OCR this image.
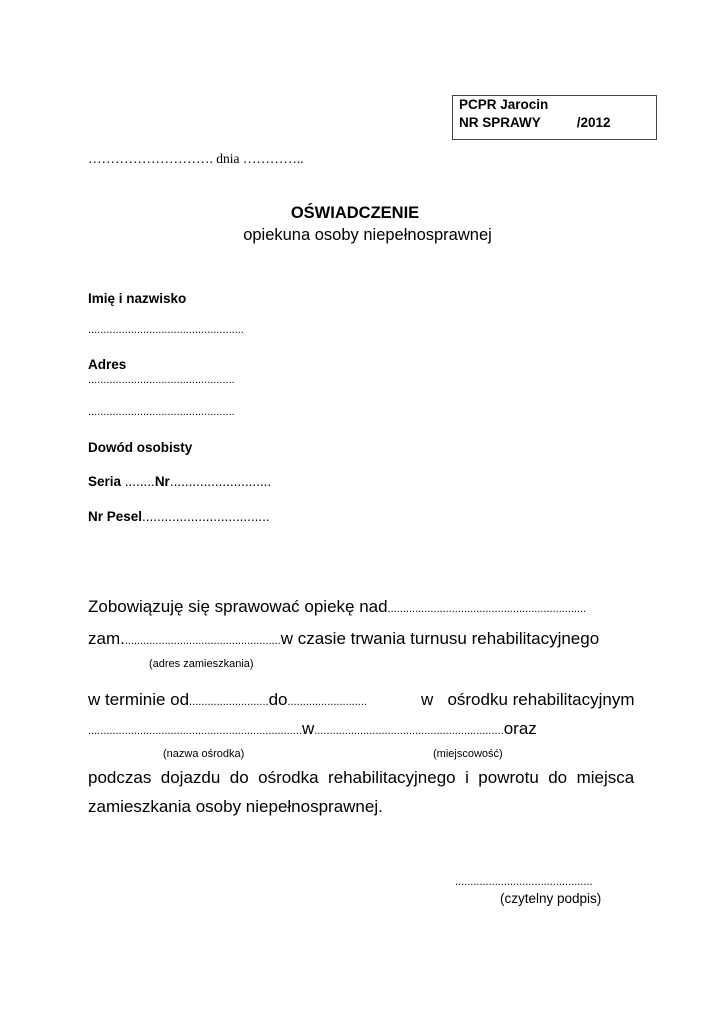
PCPR Jarocin
NR SPRAWY	/2012
………………………. dnia …………..
OŚWIADCZENIE
opiekuna osoby niepełnosprawnej
Imię i nazwisko
...................................................
Adres
................................................
................................................
Dowód osobisty
Seria ........Nr...........................
Nr Pesel..................................
Zobowiązuję się sprawować opiekę nad.................................................................
zam....................................................w czasie trwania turnusu rehabilitacyjnego
(adres zamieszkania)
w terminie od..........................do..........................	w   ośrodku rehabilitacyjnym
......................................................................w..............................................................oraz
(nazwa ośrodka)	(miejscowość)
podczas  dojazdu  do  ośrodka  rehabilitacyjnego  i  powrotu  do  miejsca
zamieszkania osoby niepełnosprawnej.
.............................................
(czytelny podpis)
